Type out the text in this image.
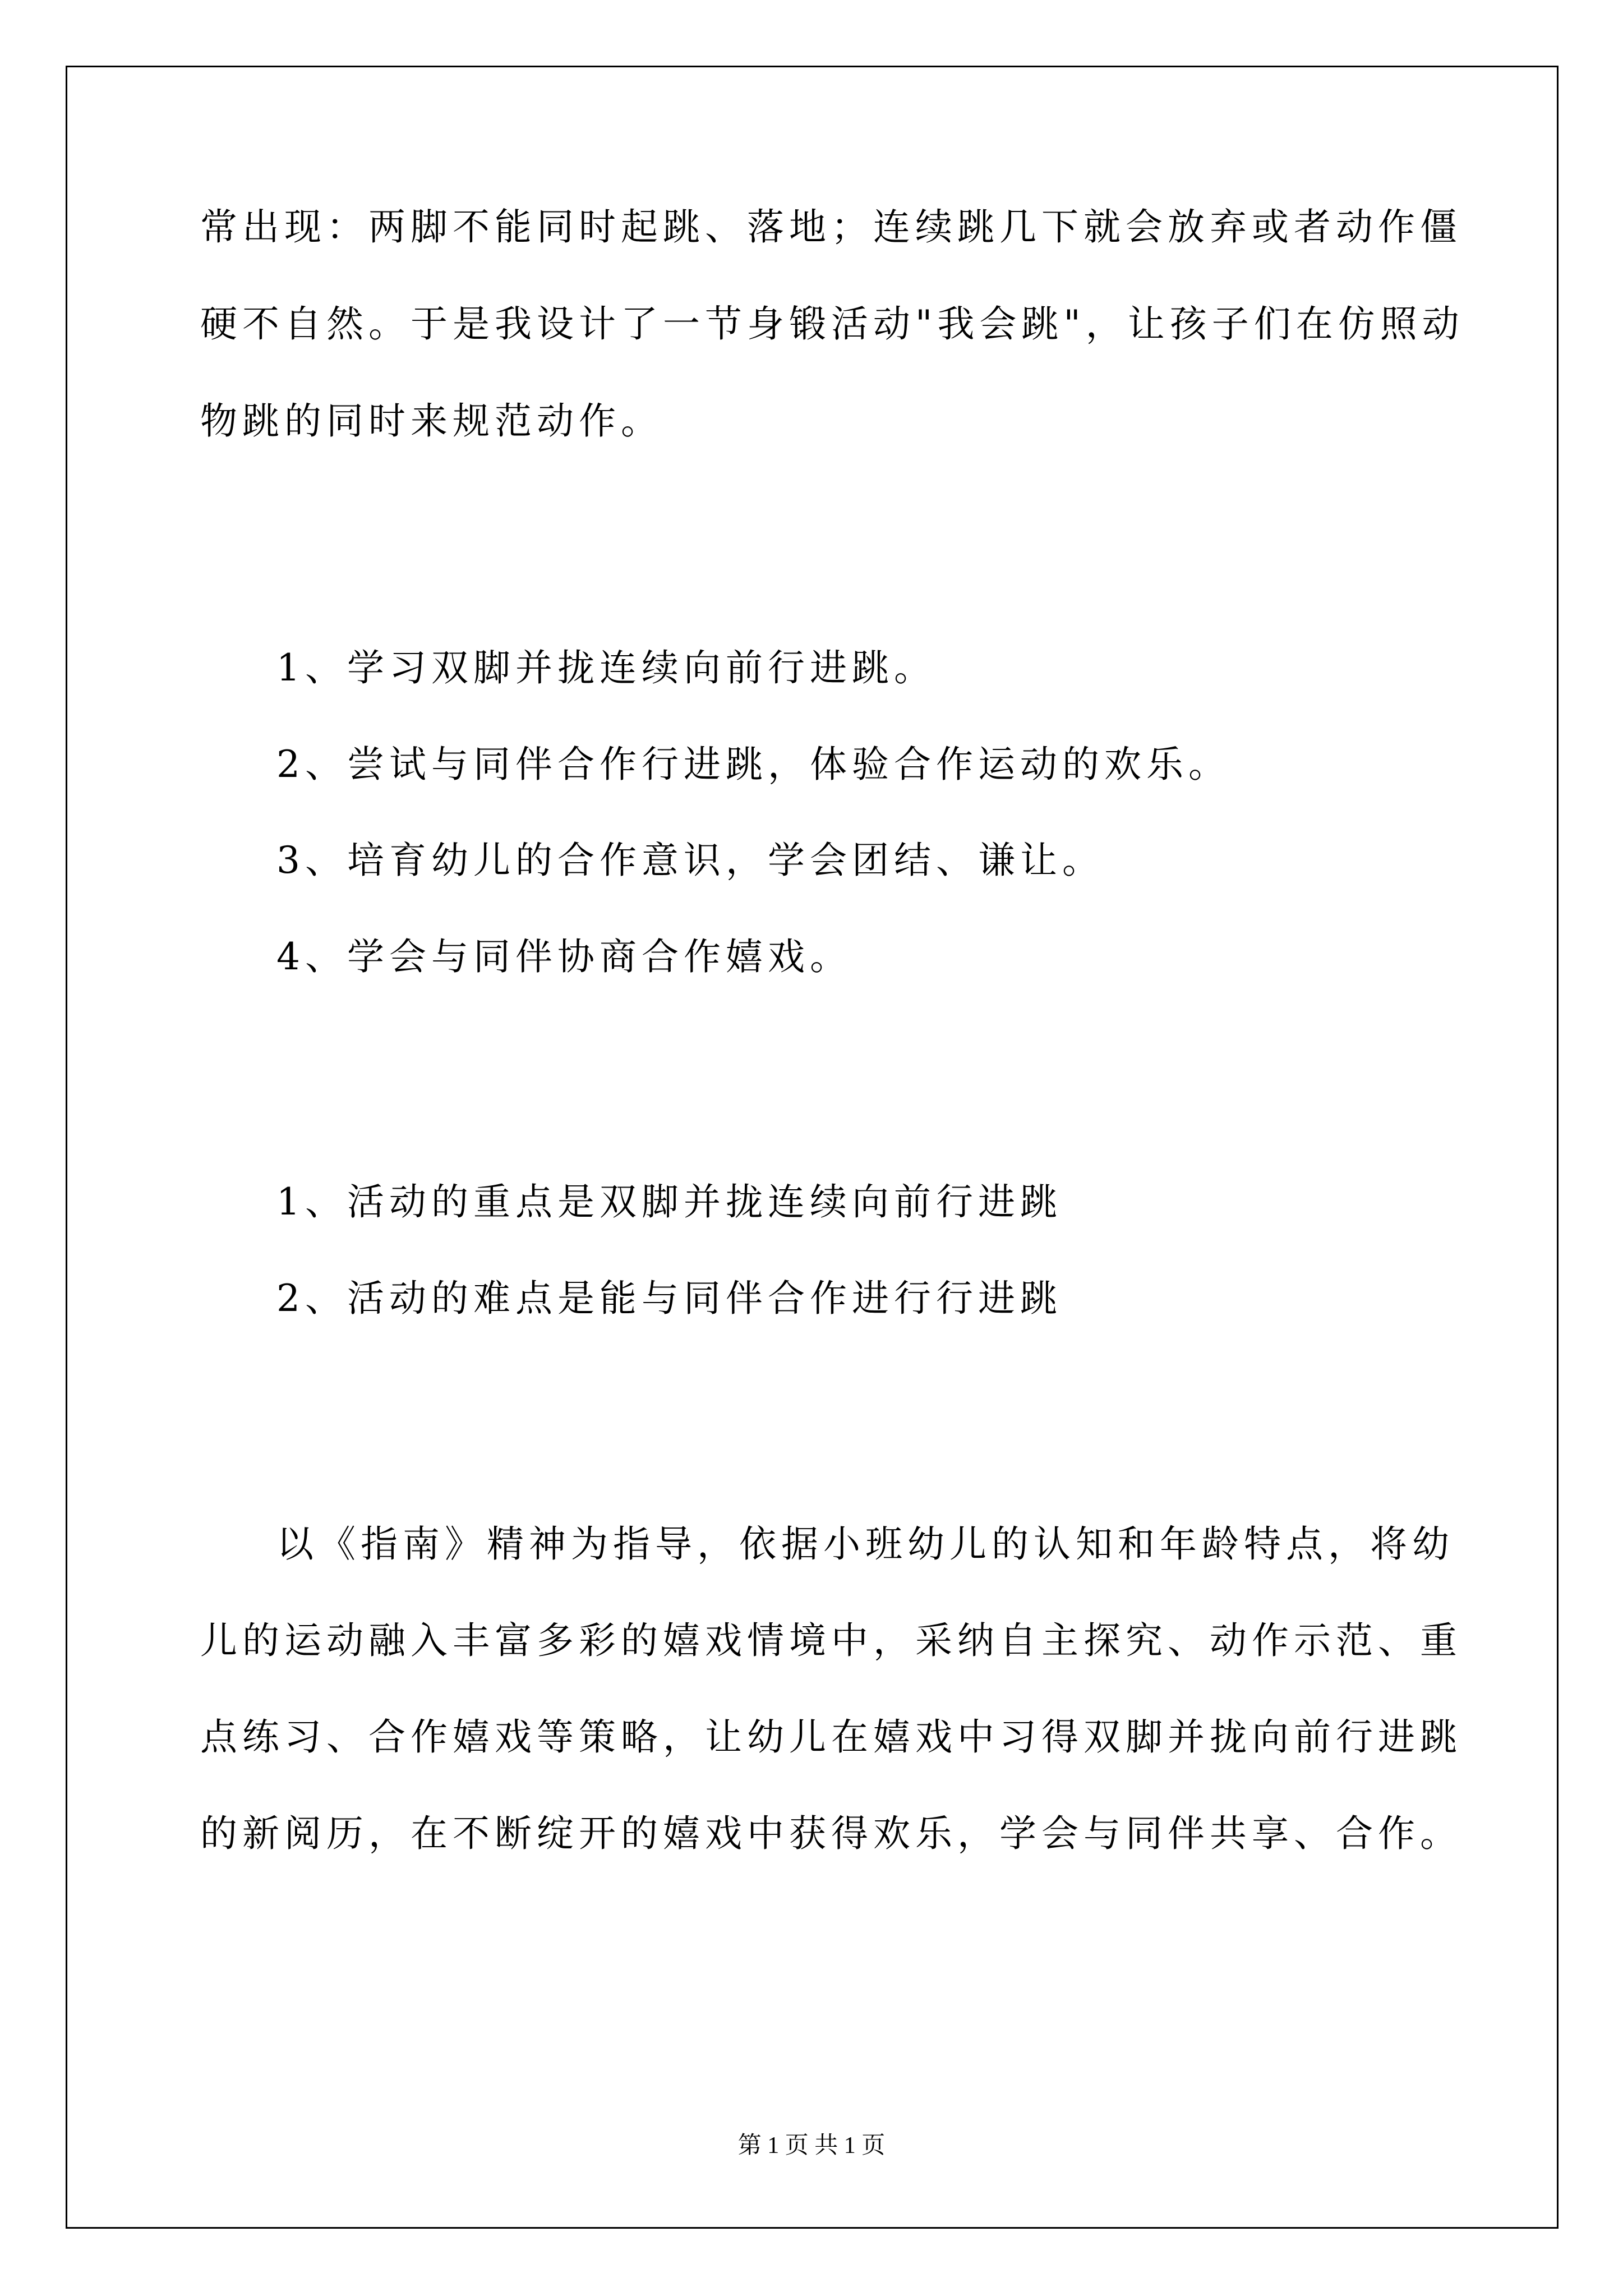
常出现：两脚不能同时起跳、落地；连续跳几下就会放弃或者动作僵
硬不自然。于是我设计了一节身锻活动"我会跳"，让孩子们在仿照动
物跳的同时来规范动作。
1、学习双脚并拢连续向前行进跳。
2、尝试与同伴合作行进跳，体验合作运动的欢乐。
3、培育幼儿的合作意识，学会团结、谦让。
4、学会与同伴协商合作嬉戏。
1、活动的重点是双脚并拢连续向前行进跳
2、活动的难点是能与同伴合作进行行进跳
以《指南》精神为指导，依据小班幼儿的认知和年龄特点，将幼
儿的运动融入丰富多彩的嬉戏情境中，采纳自主探究、动作示范、重
点练习、合作嬉戏等策略，让幼儿在嬉戏中习得双脚并拢向前行进跳
的新阅历，在不断绽开的嬉戏中获得欢乐，学会与同伴共享、合作。
第 1 页 共 1 页
